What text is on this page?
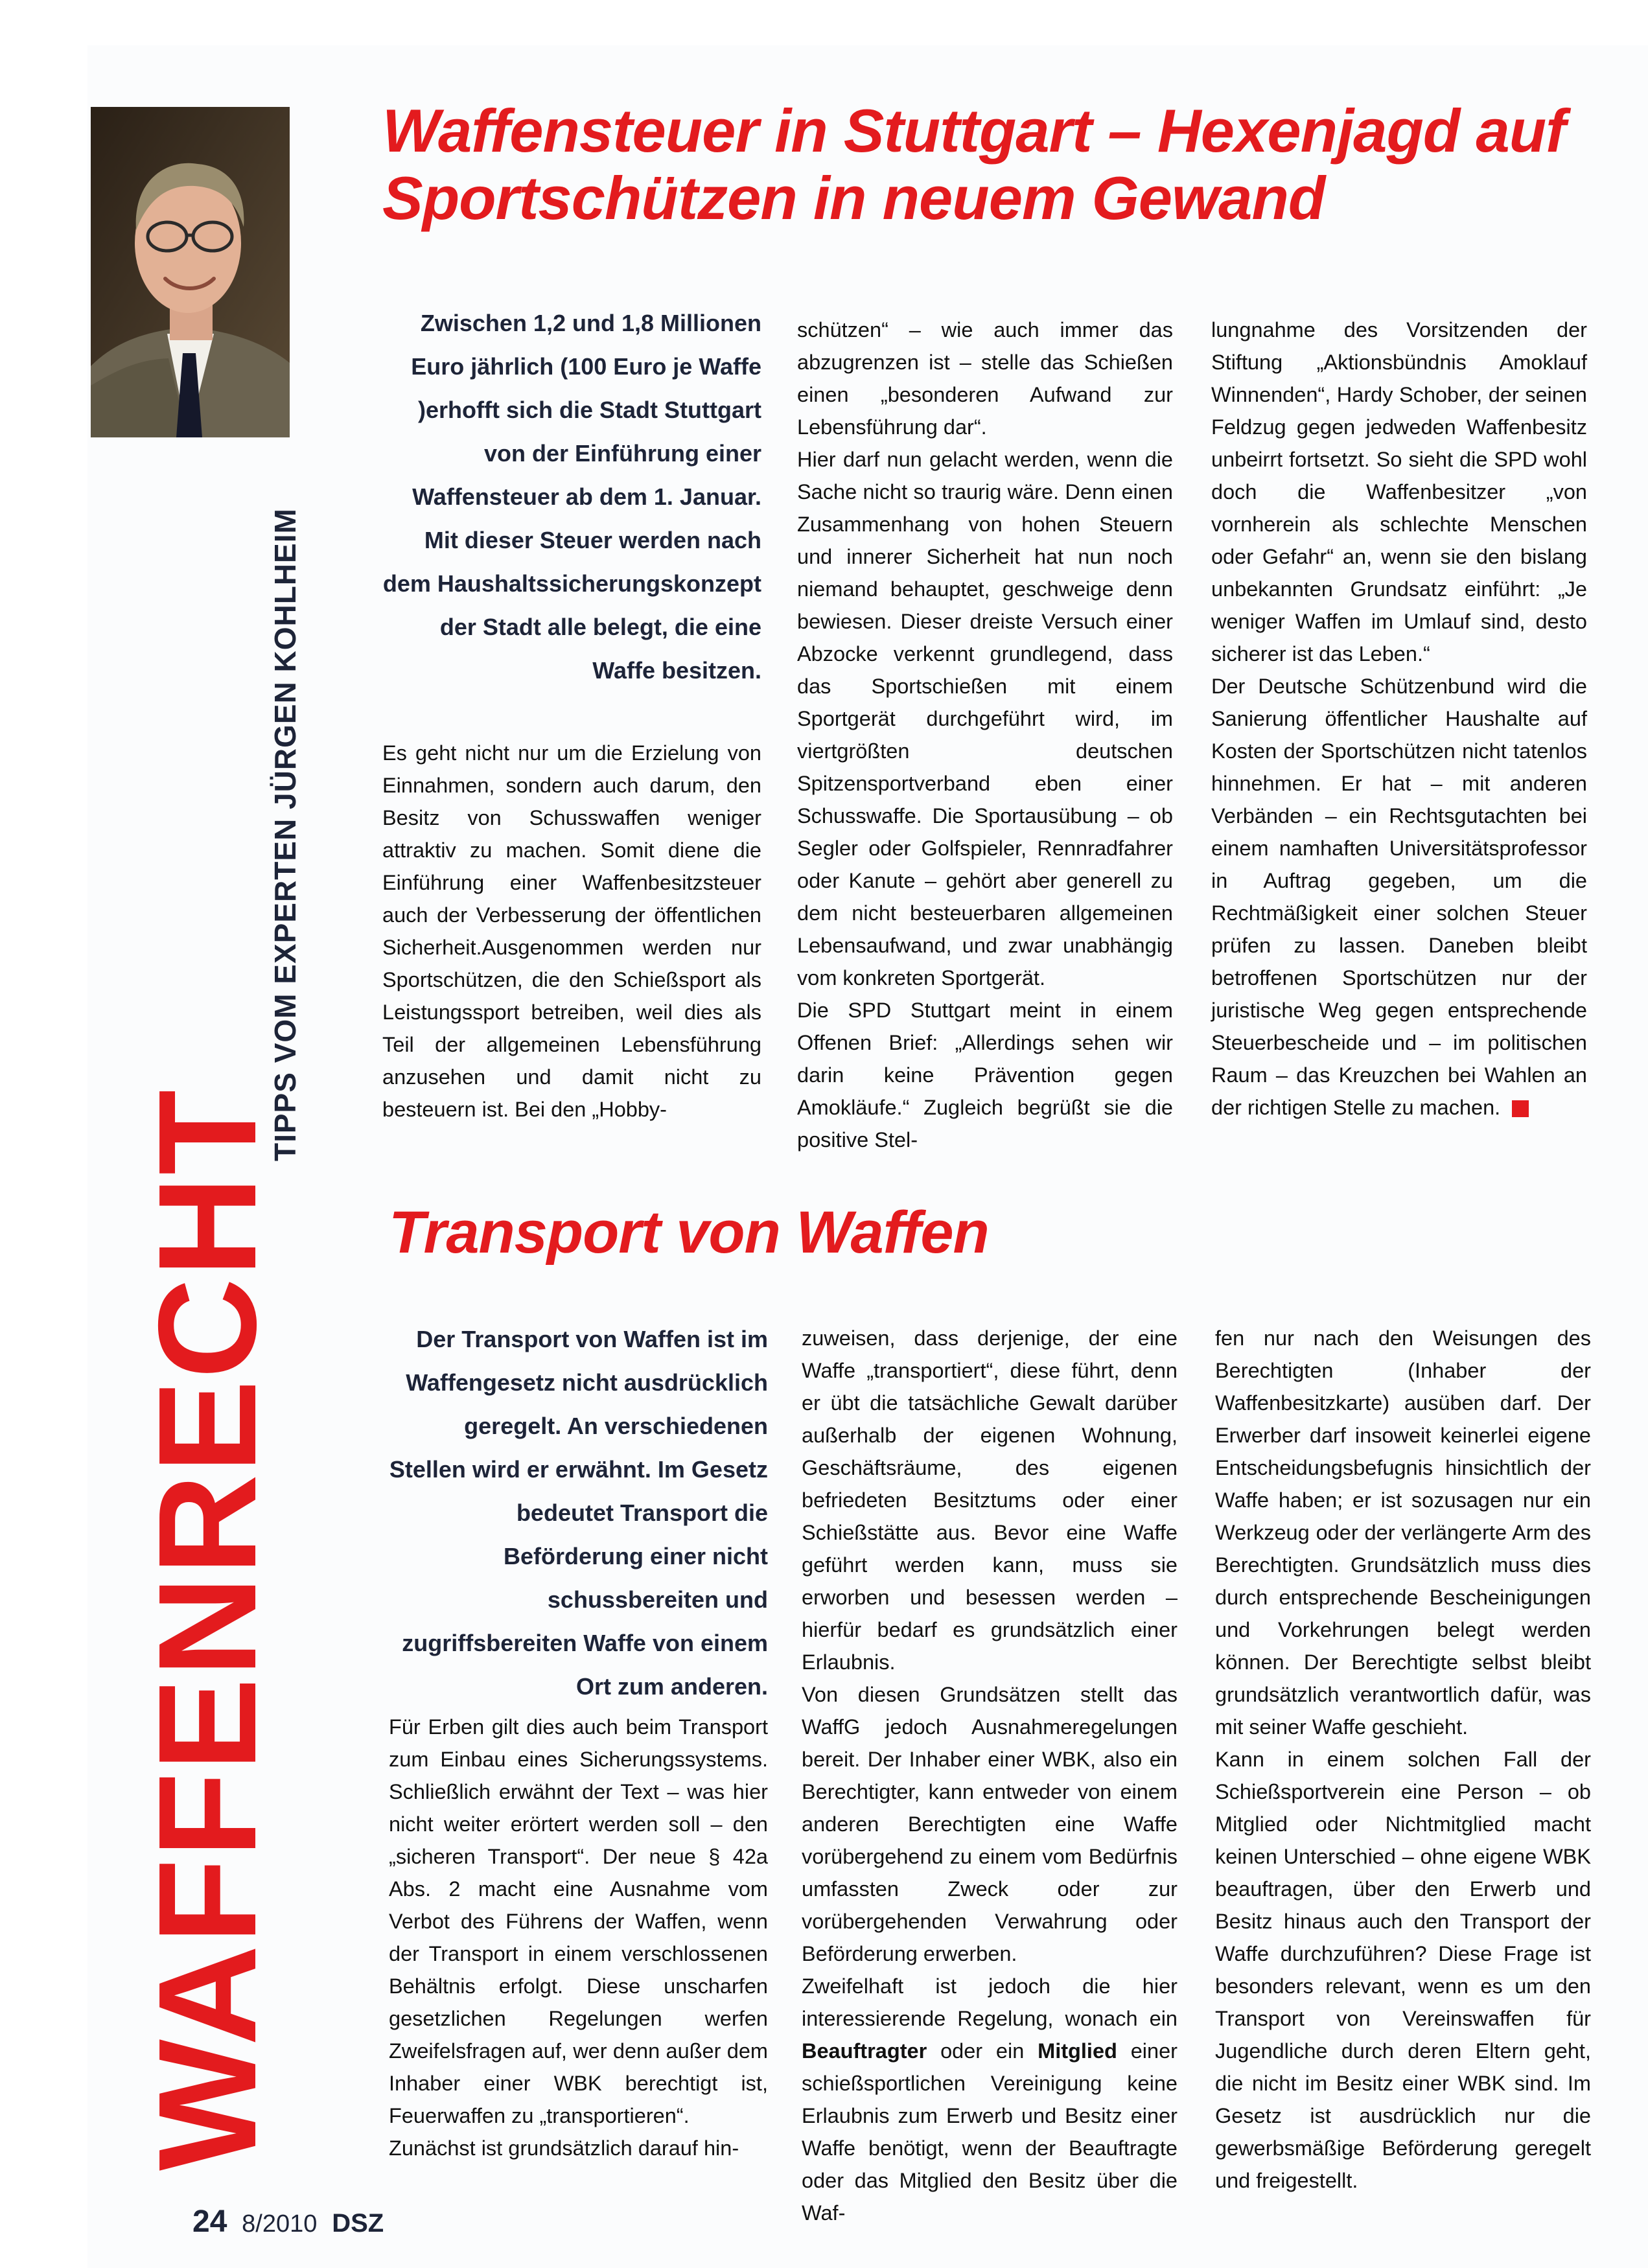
WAFFENRECHT
TIPPS VOM EXPERTEN JÜRGEN KOHLHEIM
Waffensteuer in Stuttgart – Hexenjagd auf Sportschützen in neuem Gewand
Zwischen 1,2 und 1,8 Millionen Euro jährlich (100 Euro je Waffe )erhofft sich die Stadt Stuttgart von der Einführung einer Waffensteuer ab dem 1. Januar. Mit dieser Steuer werden nach dem Haushaltssicherungskonzept der Stadt alle belegt, die eine Waffe besitzen.

Es geht nicht nur um die Erzielung von Einnahmen, sondern auch darum, den Besitz von Schusswaffen weniger attraktiv zu machen. Somit diene die Einführung einer Waffenbesitzsteuer auch der Verbesserung der öffentlichen Sicherheit.Ausgenommen werden nur Sportschützen, die den Schießsport als Leistungssport betreiben, weil dies als Teil der allgemeinen Lebensführung anzusehen und damit nicht zu besteuern ist. Bei den „Hobby-

schützen“ – wie auch immer das abzugrenzen ist – stelle das Schießen einen „besonderen Aufwand zur Lebensführung dar“.

Hier darf nun gelacht werden, wenn die Sache nicht so traurig wäre. Denn einen Zusammenhang von hohen Steuern und innerer Sicherheit hat nun noch niemand behauptet, geschweige denn bewiesen. Dieser dreiste Versuch einer Abzocke verkennt grundlegend, dass das Sportschießen mit einem Sportgerät durchgeführt wird, im viertgrößten deutschen Spitzensportverband eben einer Schusswaffe. Die Sportausübung – ob Segler oder Golfspieler, Rennradfahrer oder Kanute – gehört aber generell zu dem nicht besteuerbaren allgemeinen Lebensaufwand, und zwar unabhängig vom konkreten Sportgerät.

Die SPD Stuttgart meint in einem Offenen Brief: „Allerdings sehen wir darin keine Prävention gegen Amokläufe.“ Zugleich begrüßt sie die positive Stel-

lungnahme des Vorsitzenden der Stiftung „Aktionsbündnis Amoklauf Winnenden“, Hardy Schober, der seinen Feldzug gegen jedweden Waffenbesitz unbeirrt fortsetzt. So sieht die SPD wohl doch die Waffenbesitzer „von vornherein als schlechte Menschen oder Gefahr“ an, wenn sie den bislang unbekannten Grundsatz einführt: „Je weniger Waffen im Umlauf sind, desto sicherer ist das Leben.“

Der Deutsche Schützenbund wird die Sanierung öffentlicher Haushalte auf Kosten der Sportschützen nicht tatenlos hinnehmen. Er hat – mit anderen Verbänden – ein Rechtsgutachten bei einem namhaften Universitätsprofessor in Auftrag gegeben, um die Rechtmäßigkeit einer solchen Steuer prüfen zu lassen. Daneben bleibt betroffenen Sportschützen nur der juristische Weg gegen entsprechende Steuerbescheide und – im politischen Raum – das Kreuzchen bei Wahlen an der richtigen Stelle zu machen.

Transport von Waffen
Der Transport von Waffen ist im Waffengesetz nicht ausdrücklich geregelt. An verschiedenen Stellen wird er erwähnt. Im Gesetz bedeutet Transport die Beförderung einer nicht schussbereiten und zugriffsbereiten Waffe von einem Ort zum anderen.

Für Erben gilt dies auch beim Transport zum Einbau eines Sicherungssystems. Schließlich erwähnt der Text – was hier nicht weiter erörtert werden soll – den „sicheren Transport“. Der neue § 42a Abs. 2 macht eine Ausnahme vom Verbot des Führens der Waffen, wenn der Transport in einem verschlossenen Behältnis erfolgt. Diese unscharfen gesetzlichen Regelungen werfen Zweifelsfragen auf, wer denn außer dem Inhaber einer WBK berechtigt ist, Feuerwaffen zu „transportieren“.

Zunächst ist grundsätzlich darauf hin-

zuweisen, dass derjenige, der eine Waffe „transportiert“, diese führt, denn er übt die tatsächliche Gewalt darüber außerhalb der eigenen Wohnung, Geschäftsräume, des eigenen befriedeten Besitztums oder einer Schießstätte aus. Bevor eine Waffe geführt werden kann, muss sie erworben und besessen werden – hierfür bedarf es grundsätzlich einer Erlaubnis.

Von diesen Grundsätzen stellt das WaffG jedoch Ausnahmeregelungen bereit. Der Inhaber einer WBK, also ein Berechtigter, kann entweder von einem anderen Berechtigten eine Waffe vorübergehend zu einem vom Bedürfnis umfassten Zweck oder zur vorübergehenden Verwahrung oder Beförderung erwerben.

Zweifelhaft ist jedoch die hier interessierende Regelung, wonach ein Beauftragter oder ein Mitglied einer schießsportlichen Vereinigung keine Erlaubnis zum Erwerb und Besitz einer Waffe benötigt, wenn der Beauftragte oder das Mitglied den Besitz über die Waf-

fen nur nach den Weisungen des Berechtigten (Inhaber der Waffenbesitzkarte) ausüben darf. Der Erwerber darf insoweit keinerlei eigene Entscheidungsbefugnis hinsichtlich der Waffe haben; er ist sozusagen nur ein Werkzeug oder der verlängerte Arm des Berechtigten. Grundsätzlich muss dies durch entsprechende Bescheinigungen und Vorkehrungen belegt werden können. Der Berechtigte selbst bleibt grundsätzlich verantwortlich dafür, was mit seiner Waffe geschieht.

Kann in einem solchen Fall der Schießsportverein eine Person – ob Mitglied oder Nichtmitglied macht keinen Unterschied – ohne eigene WBK beauftragen, über den Erwerb und Besitz hinaus auch den Transport der Waffe durchzuführen? Diese Frage ist besonders relevant, wenn es um den Transport von Vereinswaffen für Jugendliche durch deren Eltern geht, die nicht im Besitz einer WBK sind. Im Gesetz ist ausdrücklich nur die gewerbsmäßige Beförderung geregelt und freigestellt.

24 8/2010 DSZ
